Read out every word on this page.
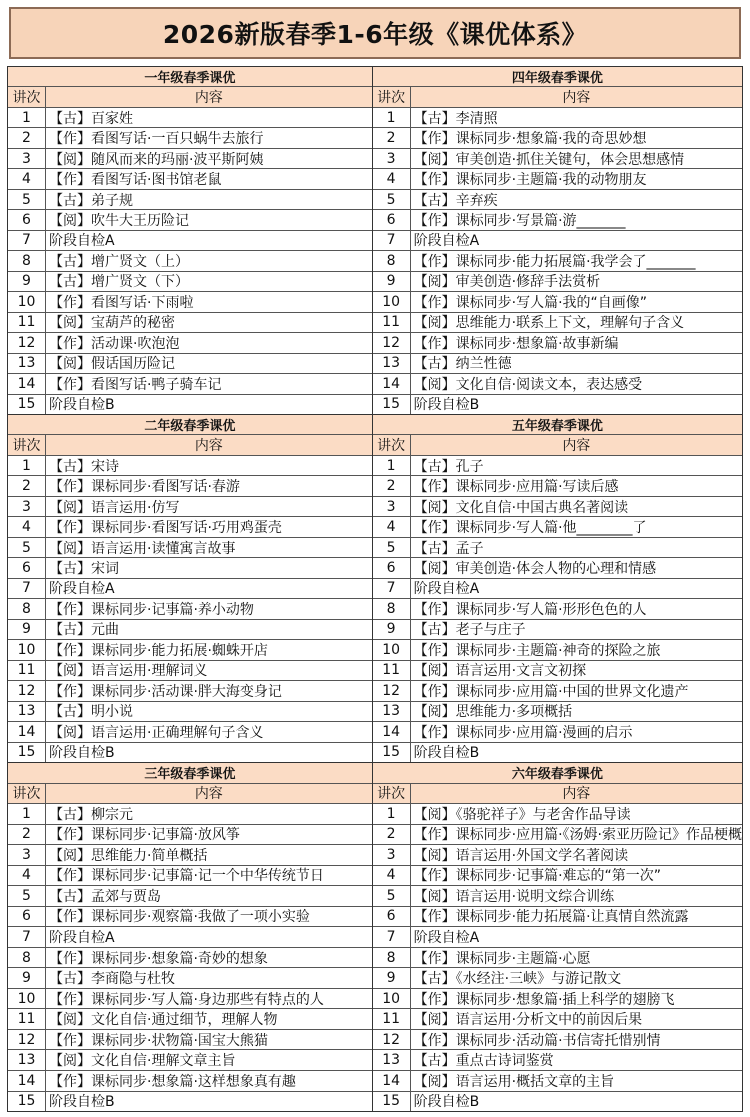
2026新版春季1-6年级《课优体系》
一年级春季课优
讲次	内容
1	【古】百家姓
2	【作】看图写话·一百只蜗牛去旅行
3	【阅】随风而来的玛丽·波平斯阿姨
4	【作】看图写话·图书馆老鼠
5	【古】弟子规
6	【阅】吹牛大王历险记
7	阶段自检A
8	【古】增广贤文（上）
9	【古】增广贤文（下）
10 【作】看图写话·下雨啦
11 【阅】宝葫芦的秘密
12 【作】活动课·吹泡泡
13 【阅】假话国历险记
14 【作】看图写话·鸭子骑车记
15 阶段自检B
四年级春季课优
讲次	内容
1	【古】李清照
2	【作】课标同步·想象篇·我的奇思妙想
3	【阅】审美创造·抓住关键句，体会思想感情
4	【作】课标同步·主题篇·我的动物朋友
5	【古】辛弃疾
6	【作】课标同步·写景篇·游_______
7	阶段自检A
8	【作】课标同步·能力拓展篇·我学会了_______
9	【阅】审美创造·修辞手法赏析
10 【作】课标同步·写人篇·我的“自画像”
11 【阅】思维能力·联系上下文，理解句子含义
12 【作】课标同步·想象篇·故事新编
13 【古】纳兰性德
14 【阅】文化自信·阅读文本，表达感受
15 阶段自检B
二年级春季课优
讲次	内容
1	【古】宋诗
2	【作】课标同步·看图写话·春游
3	【阅】语言运用·仿写
4	【作】课标同步·看图写话·巧用鸡蛋壳
5	【阅】语言运用·读懂寓言故事
6	【古】宋词
7	阶段自检A
8	【作】课标同步·记事篇·养小动物
9	【古】元曲
10 【作】课标同步·能力拓展·蜘蛛开店
11 【阅】语言运用·理解词义
12 【作】课标同步·活动课·胖大海变身记
13 【古】明小说
14 【阅】语言运用·正确理解句子含义
15 阶段自检B
五年级春季课优
讲次	内容
1	【古】孔子
2	【作】课标同步·应用篇·写读后感
3	【阅】文化自信·中国古典名著阅读
4	【作】课标同步·写人篇·他________了
5	【古】孟子
6	【阅】审美创造·体会人物的心理和情感
7	阶段自检A
8	【作】课标同步·写人篇·形形色色的人
9	【古】老子与庄子
10 【作】课标同步·主题篇·神奇的探险之旅
11 【阅】语言运用·文言文初探
12 【作】课标同步·应用篇·中国的世界文化遗产
13 【阅】思维能力·多项概括
14 【作】课标同步·应用篇·漫画的启示
15 阶段自检B
三年级春季课优
讲次	内容
1	【古】柳宗元
2	【作】课标同步·记事篇·放风筝
3	【阅】思维能力·简单概括
4	【作】课标同步·记事篇·记一个中华传统节日
5	【古】孟郊与贾岛
6	【作】课标同步·观察篇·我做了一项小实验
7	阶段自检A
8	【作】课标同步·想象篇·奇妙的想象
9	【古】李商隐与杜牧
10 【作】课标同步·写人篇·身边那些有特点的人
11 【阅】文化自信·通过细节，理解人物
12 【作】课标同步·状物篇·国宝大熊猫
13 【阅】文化自信·理解文章主旨
14 【作】课标同步·想象篇·这样想象真有趣
15 阶段自检B
六年级春季课优
讲次	内容
1	【阅】《骆驼祥子》与老舍作品导读
2	【作】课标同步·应用篇·《汤姆·索亚历险记》作品梗概
3	【阅】语言运用·外国文学名著阅读
4	【作】课标同步·记事篇·难忘的“第一次”
5	【阅】语言运用·说明文综合训练
6	【作】课标同步·能力拓展篇·让真情自然流露
7	阶段自检A
8	【作】课标同步·主题篇·心愿
9	【古】《水经注·三峡》与游记散文
10 【作】课标同步·想象篇·插上科学的翅膀飞
11 【阅】语言运用·分析文中的前因后果
12 【作】课标同步·活动篇·书信寄托惜别情
13 【古】重点古诗词鉴赏
14 【阅】语言运用·概括文章的主旨
15 阶段自检B
